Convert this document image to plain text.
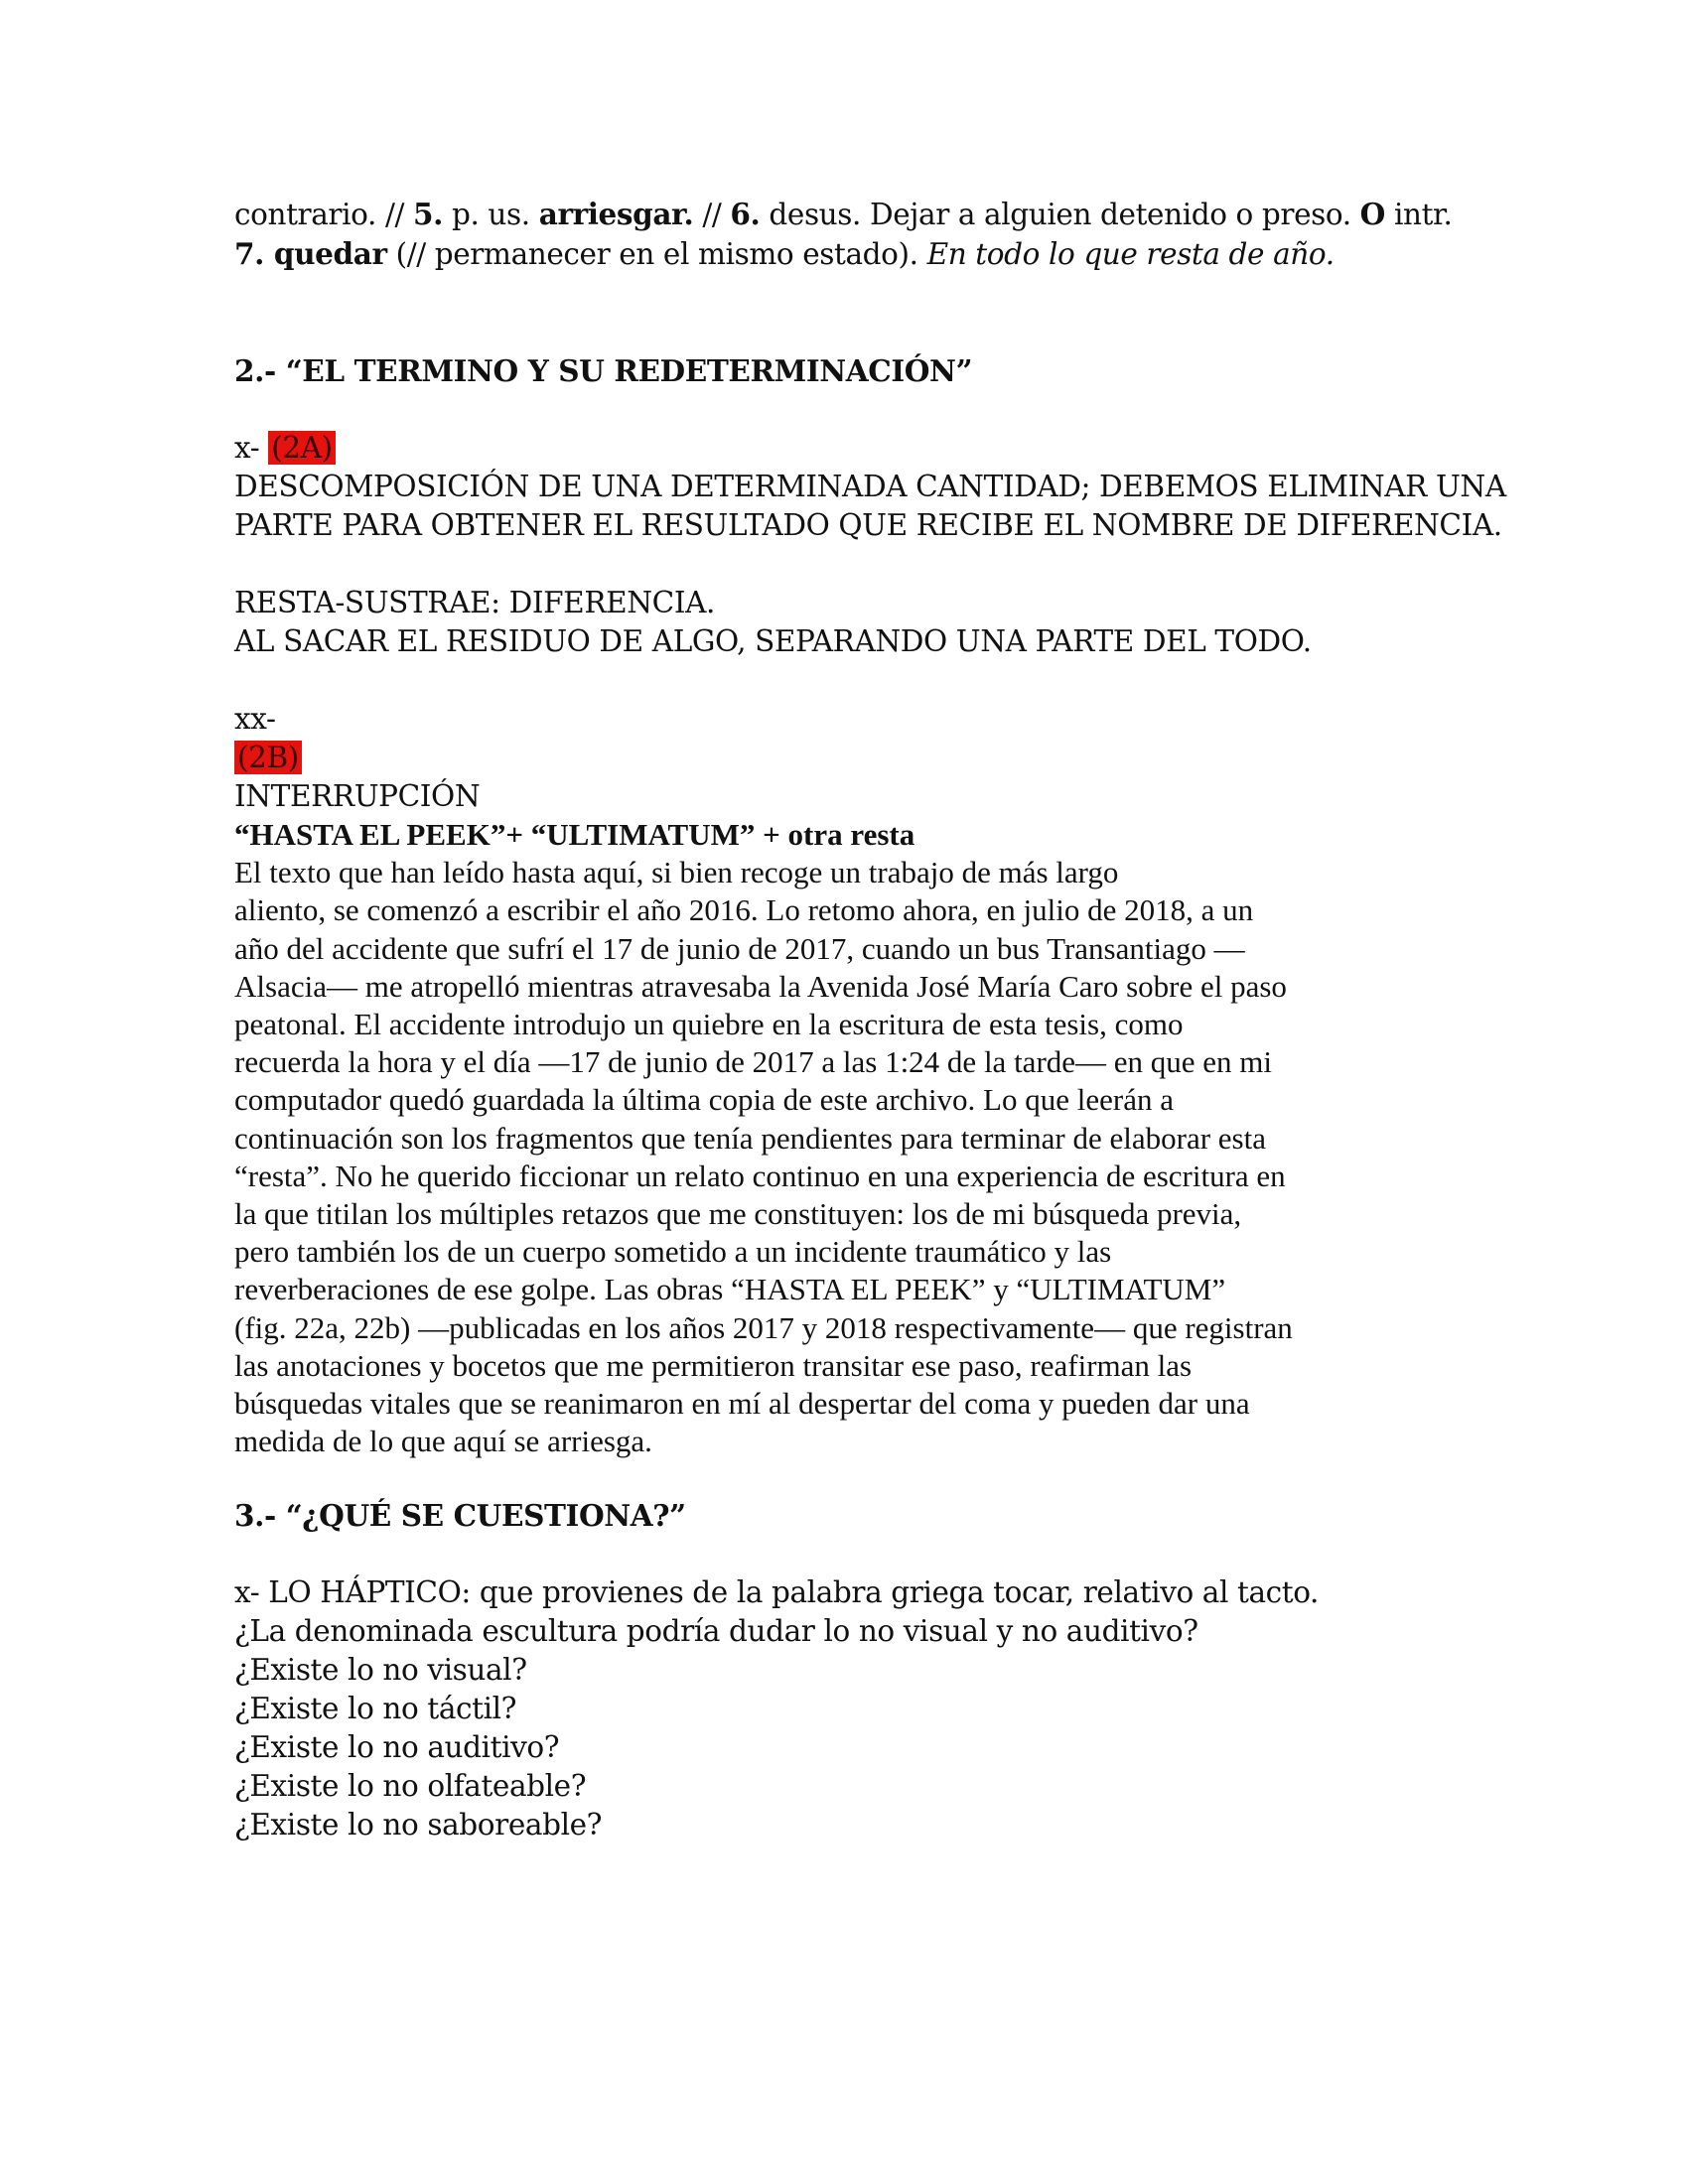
contrario. // 5. p. us. arriesgar. // 6. desus. Dejar a alguien detenido o preso. O intr.
7. quedar (// permanecer en el mismo estado). En todo lo que resta de año.
2.- “EL TERMINO Y SU REDETERMINACIÓN”
x- (2A)
DESCOMPOSICIÓN DE UNA DETERMINADA CANTIDAD; DEBEMOS ELIMINAR UNA
PARTE PARA OBTENER EL RESULTADO QUE RECIBE EL NOMBRE DE DIFERENCIA.
RESTA-SUSTRAE: DIFERENCIA.
AL SACAR EL RESIDUO DE ALGO, SEPARANDO UNA PARTE DEL TODO.
xx-
(2B)
INTERRUPCIÓN
“HASTA EL PEEK”+ “ULTIMATUM” + otra resta
El texto que han leído hasta aquí, si bien recoge un trabajo de más largo
aliento, se comenzó a escribir el año 2016. Lo retomo ahora, en julio de 2018, a un
año del accidente que sufrí el 17 de junio de 2017, cuando un bus Transantiago —
Alsacia— me atropelló mientras atravesaba la Avenida José María Caro sobre el paso
peatonal. El accidente introdujo un quiebre en la escritura de esta tesis, como
recuerda la hora y el día —17 de junio de 2017 a las 1:24 de la tarde— en que en mi
computador quedó guardada la última copia de este archivo. Lo que leerán a
continuación son los fragmentos que tenía pendientes para terminar de elaborar esta
“resta”. No he querido ficcionar un relato continuo en una experiencia de escritura en
la que titilan los múltiples retazos que me constituyen: los de mi búsqueda previa,
pero también los de un cuerpo sometido a un incidente traumático y las
reverberaciones de ese golpe. Las obras “HASTA EL PEEK” y “ULTIMATUM”
(fig. 22a, 22b) —publicadas en los años 2017 y 2018 respectivamente— que registran
las anotaciones y bocetos que me permitieron transitar ese paso, reafirman las
búsquedas vitales que se reanimaron en mí al despertar del coma y pueden dar una
medida de lo que aquí se arriesga.
3.- “¿QUÉ SE CUESTIONA?”
x- LO HÁPTICO: que provienes de la palabra griega tocar, relativo al tacto.
¿La denominada escultura podría dudar lo no visual y no auditivo?
¿Existe lo no visual?
¿Existe lo no táctil?
¿Existe lo no auditivo?
¿Existe lo no olfateable?
¿Existe lo no saboreable?
